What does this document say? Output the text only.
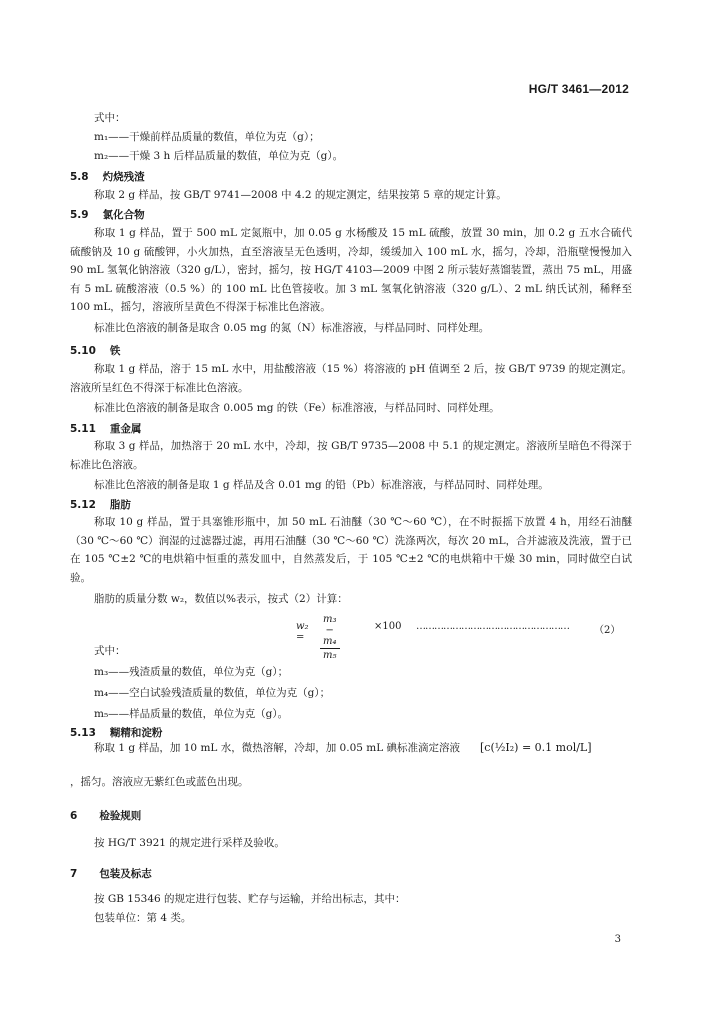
HG/T 3461—2012
式中：
m₁——干燥前样品质量的数值，单位为克（g）；
m₂——干燥 3 h 后样品质量的数值，单位为克（g）。
5.8 灼烧残渣
称取 2 g 样品，按 GB/T 9741—2008 中 4.2 的规定测定，结果按第 5 章的规定计算。
5.9 氯化合物
称取 1 g 样品，置于 500 mL 定氮瓶中，加 0.05 g 水杨酸及 15 mL 硫酸，放置 30 min，加 0.2 g 五水合硫代硫酸钠及 10 g 硫酸钾，小火加热，直至溶液呈无色透明，冷却，缓缓加入 100 mL 水，摇匀，冷却，沿瓶壁慢慢加入 90 mL 氢氧化钠溶液（320 g/L），密封，摇匀，按 HG/T 4103—2009 中图 2 所示装好蒸馏装置，蒸出 75 mL，用盛有 5 mL 硫酸溶液（0.5 %）的 100 mL 比色管接收。加 3 mL 氢氧化钠溶液（320 g/L）、2 mL 纳氏试剂，稀释至 100 mL，摇匀，溶液所呈黄色不得深于标准比色溶液。
标准比色溶液的制备是取含 0.05 mg 的氮（N）标准溶液，与样品同时、同样处理。
5.10 铁
称取 1 g 样品，溶于 15 mL 水中，用盐酸溶液（15 %）将溶液的 pH 值调至 2 后，按 GB/T 9739 的规定测定。溶液所呈红色不得深于标准比色溶液。
标准比色溶液的制备是取含 0.005 mg 的铁（Fe）标准溶液，与样品同时、同样处理。
5.11 重金属
称取 3 g 样品，加热溶于 20 mL 水中，冷却，按 GB/T 9735—2008 中 5.1 的规定测定。溶液所呈暗色不得深于标准比色溶液。
标准比色溶液的制备是取 1 g 样品及含 0.01 mg 的铅（Pb）标准溶液，与样品同时、同样处理。
5.12 脂肪
称取 10 g 样品，置于具塞锥形瓶中，加 50 mL 石油醚（30 ℃～60 ℃），在不时振摇下放置 4 h，用经石油醚（30 ℃～60 ℃）润湿的过滤器过滤，再用石油醚（30 ℃～60 ℃）洗涤两次，每次 20 mL，合并滤液及洗液，置于已在 105 ℃±2 ℃的电烘箱中恒重的蒸发皿中，自然蒸发后，于 105 ℃±2 ℃的电烘箱中干燥 30 min，同时做空白试验。
脂肪的质量分数 w₂，数值以%表示，按式（2）计算：
w₂ =	$\frac{\text{m₃ − m₄}}{\text{m₅}}$	×100 ……………………………………………	（2）
式中：
m₃——残渣质量的数值，单位为克（g）；
m₄——空白试验残渣质量的数值，单位为克（g）；
m₅——样品质量的数值，单位为克（g）。
5.13 糊精和淀粉
称取 1 g 样品，加 10 mL 水，微热溶解，冷却，加 0.05 mL 碘标准滴定溶液 [c(½I₂) = 0.1 mol/L]
，摇匀。溶液应无紫红色或蓝色出现。
6 检验规则
按 HG/T 3921 的规定进行采样及验收。
7 包装及标志
按 GB 15346 的规定进行包装、贮存与运输，并给出标志，其中：
包装单位：第 4 类。
3
